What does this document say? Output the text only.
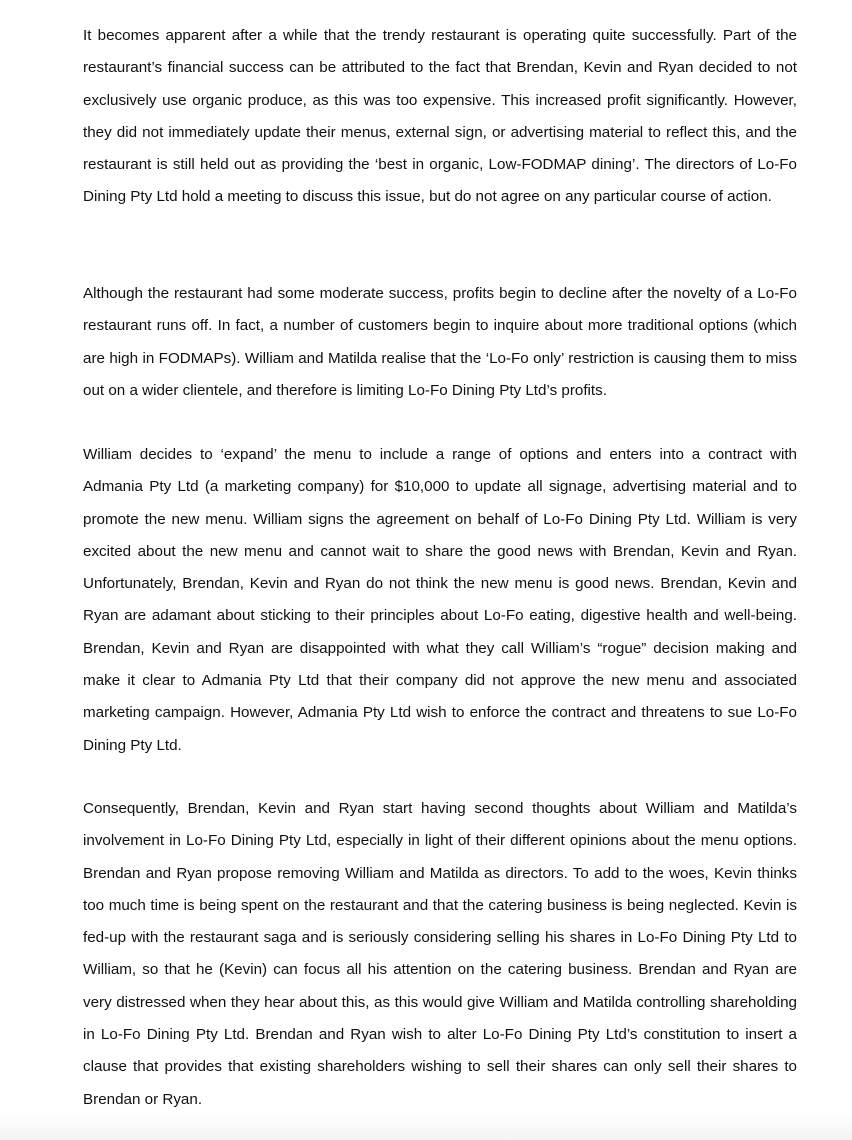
It becomes apparent after a while that the trendy restaurant is operating quite successfully. Part of the restaurant’s financial success can be attributed to the fact that Brendan, Kevin and Ryan decided to not exclusively use organic produce, as this was too expensive. This increased profit significantly. However, they did not immediately update their menus, external sign, or advertising material to reflect this, and the restaurant is still held out as providing the ‘best in organic, Low-FODMAP dining’. The directors of Lo-Fo Dining Pty Ltd hold a meeting to discuss this issue, but do not agree on any particular course of action.

Although the restaurant had some moderate success, profits begin to decline after the novelty of a Lo-Fo restaurant runs off. In fact, a number of customers begin to inquire about more traditional options (which are high in FODMAPs). William and Matilda realise that the ‘Lo-Fo only’ restriction is causing them to miss out on a wider clientele, and therefore is limiting Lo-Fo Dining Pty Ltd’s profits.

William decides to ‘expand’ the menu to include a range of options and enters into a contract with Admania Pty Ltd (a marketing company) for $10,000 to update all signage, advertising material and to promote the new menu. William signs the agreement on behalf of Lo-Fo Dining Pty Ltd. William is very excited about the new menu and cannot wait to share the good news with Brendan, Kevin and Ryan. Unfortunately, Brendan, Kevin and Ryan do not think the new menu is good news. Brendan, Kevin and Ryan are adamant about sticking to their principles about Lo-Fo eating, digestive health and well-being. Brendan, Kevin and Ryan are disappointed with what they call William’s “rogue” decision making and make it clear to Admania Pty Ltd that their company did not approve the new menu and associated marketing campaign. However, Admania Pty Ltd wish to enforce the contract and threatens to sue Lo-Fo Dining Pty Ltd.

Consequently, Brendan, Kevin and Ryan start having second thoughts about William and Matilda’s involvement in Lo-Fo Dining Pty Ltd, especially in light of their different opinions about the menu options. Brendan and Ryan propose removing William and Matilda as directors. To add to the woes, Kevin thinks too much time is being spent on the restaurant and that the catering business is being neglected. Kevin is fed-up with the restaurant saga and is seriously considering selling his shares in Lo-Fo Dining Pty Ltd to William, so that he (Kevin) can focus all his attention on the catering business. Brendan and Ryan are very distressed when they hear about this, as this would give William and Matilda controlling shareholding in Lo-Fo Dining Pty Ltd. Brendan and Ryan wish to alter Lo-Fo Dining Pty Ltd’s constitution to insert a clause that provides that existing shareholders wishing to sell their shares can only sell their shares to Brendan or Ryan.
